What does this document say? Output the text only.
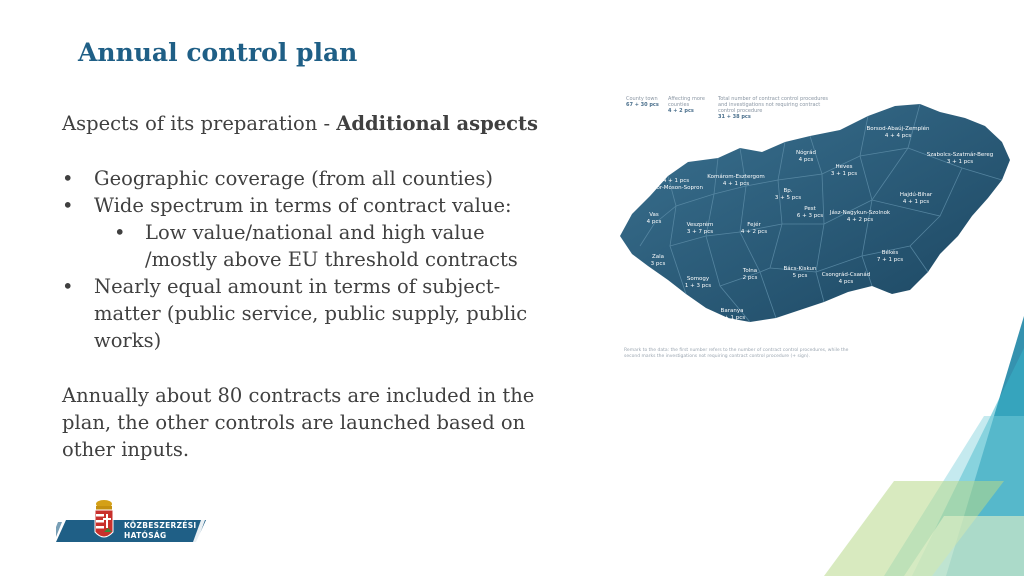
Annual control plan

Aspects of its preparation - Additional aspects

• Geographic coverage (from all counties)
• Wide spectrum in terms of contract value:
• Low value/national and high value /mostly above EU threshold contracts
• Nearly equal amount in terms of subject-matter (public service, public supply, public works)

Annually about 80 contracts are included in the plan, the other controls are launched based on other inputs.

County town
67 + 30 pcs
Affecting more counties
4 + 2 pcs
Total number of contract control procedures and investigations not requiring contract control procedure
31 + 38 pcs
Borsod-Abaúj-Zemplén
4 + 4 pcs
Szabolcs-Szatmár-Bereg
3 + 1 pcs
Nógrád
4 pcs
Heves
3 + 1 pcs
4 + 1 pcs
Győr-Moson-Sopron
Komárom-Esztergom
4 + 1 pcs
Bp.
3 + 5 pcs	Hajdú-Bihar
4 + 1 pcs
Pest
6 + 3 pcs Jász-Nagykun-Szolnok
4 + 2 pcs
Vas
4 pcs
Veszprém
3 + 7 pcs
Fejér
4 + 2 pcs
Békés
7 + 1 pcs
Zala
3 pcs
Tolna
2 pcs
Bács-Kiskun
5 pcs	Csongrád-Csanád
4 pcs
Somogy
1 + 3 pcs
Baranya
9 + 1 pcs
Remark to the data: the first number refers to the number of contract control procedures, while the second marks the investigations not requiring contract control procedure (+ sign).
KÖZBESZERZÉSI
HATÓSÁG
